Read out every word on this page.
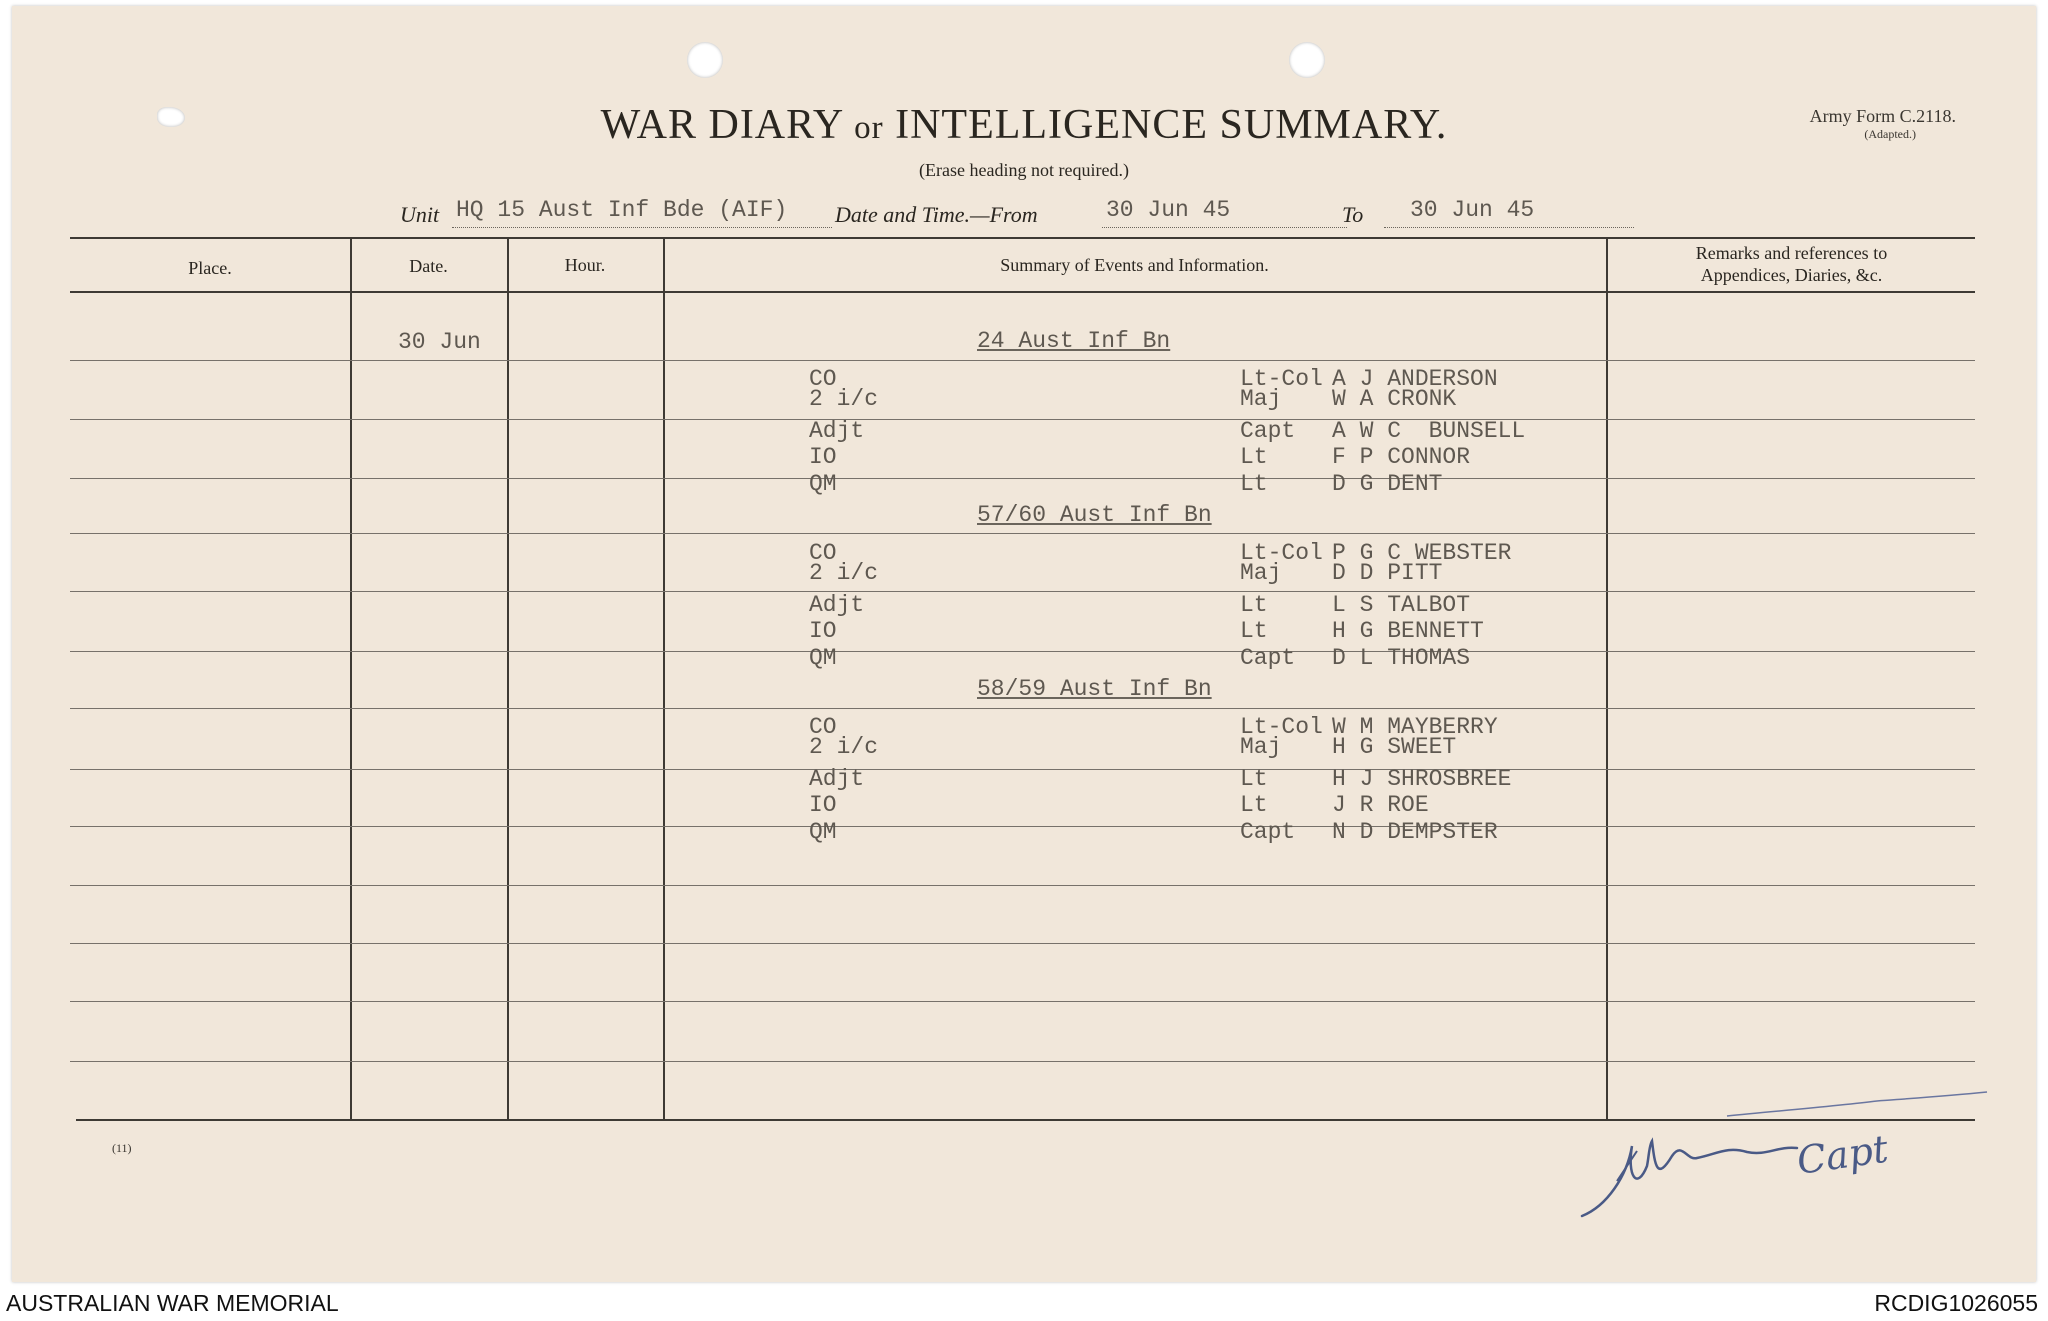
WAR DIARY or INTELLIGENCE SUMMARY.
(Erase heading not required.)
Army Form C.2118.
(Adapted.)
Unit HQ 15 Aust Inf Bde (AIF) Date and Time.—From	30 Jun 45	To 30 Jun 45
Place.	Date.	Hour.	Summary of Events and Information.
Remarks and references to
Appendices, Diaries, &c.
30 Jun	24 Aust Inf Bn
CO	Lt-Col A J ANDERSON
2 i/c	Maj W A CRONK
Adjt	Capt A W C  BUNSELL
IO	Lt	F P CONNOR
QM	Lt	D G DENT
57/60 Aust Inf Bn
CO	Lt-Col P G C WEBSTER
2 i/c	Maj D D PITT
Adjt	Lt	L S TALBOT
IO	Lt	H G BENNETT
QM	Capt D L THOMAS
58/59 Aust Inf Bn
CO	Lt-Col W M MAYBERRY
2 i/c	Maj H G SWEET
Adjt	Lt	H J SHROSBREE
IO	Lt	J R ROE
QM	Capt N D DEMPSTER
(11)	Capt
AUSTRALIAN WAR MEMORIAL	RCDIG1026055
